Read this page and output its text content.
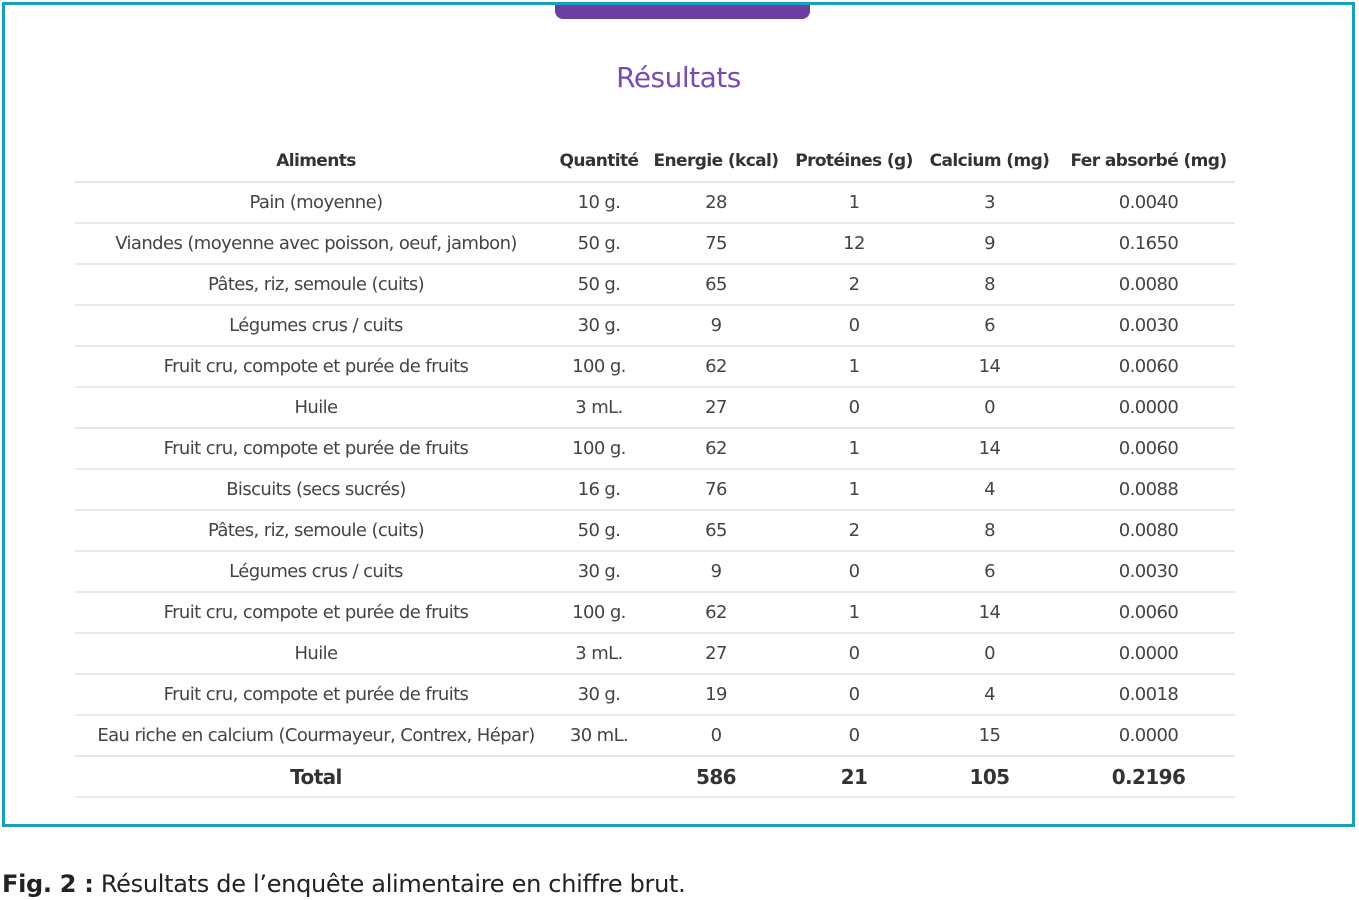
Résultats
Aliments	Quantité	Energie (kcal)	Protéines (g)	Calcium (mg)	Fer absorbé (mg)
Pain (moyenne)	10 g.	28	1	3	0.0040
Viandes (moyenne avec poisson, oeuf, jambon)	50 g.	75	12	9	0.1650
Pâtes, riz, semoule (cuits)	50 g.	65	2	8	0.0080
Légumes crus / cuits	30 g.	9	0	6	0.0030
Fruit cru, compote et purée de fruits	100 g.	62	1	14	0.0060
Huile	3 mL.	27	0	0	0.0000
Fruit cru, compote et purée de fruits	100 g.	62	1	14	0.0060
Biscuits (secs sucrés)	16 g.	76	1	4	0.0088
Pâtes, riz, semoule (cuits)	50 g.	65	2	8	0.0080
Légumes crus / cuits	30 g.	9	0	6	0.0030
Fruit cru, compote et purée de fruits	100 g.	62	1	14	0.0060
Huile	3 mL.	27	0	0	0.0000
Fruit cru, compote et purée de fruits	30 g.	19	0	4	0.0018
Eau riche en calcium (Courmayeur, Contrex, Hépar)	30 mL.	0	0	15	0.0000
Total		586	21	105	0.2196
Fig. 2 : Résultats de l’enquête alimentaire en chiffre brut.
